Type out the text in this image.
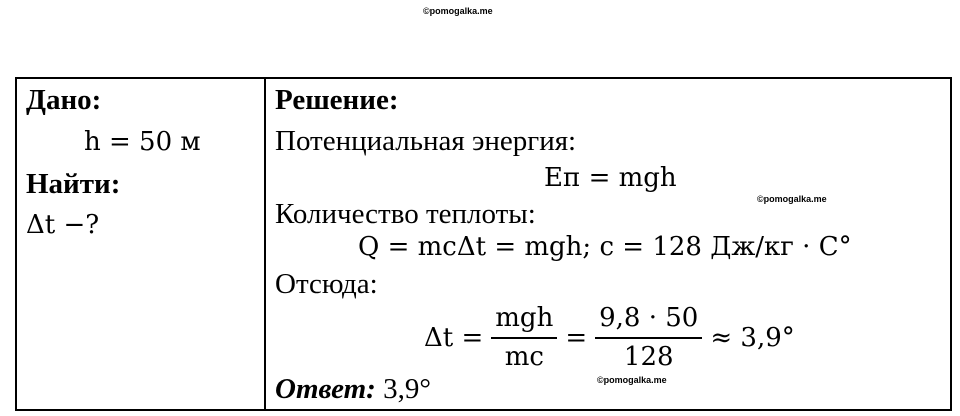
©pomogalka.me
Дано:
h = 50 м
Найти:
Δt −?
Решение:
Потенциальная энергия:
Eп = mgh
Количество теплоты:
Q = mcΔt = mgh; c = 128 Дж/кг · C°
Отсюда:
$\Delta t = \frac{\text{mgh}}{mc} = \frac{9,8 \cdot 50}{128} \approx 3,9^\circ$
Ответ: 3,9°
©pomogalka.me
©pomogalka.me
